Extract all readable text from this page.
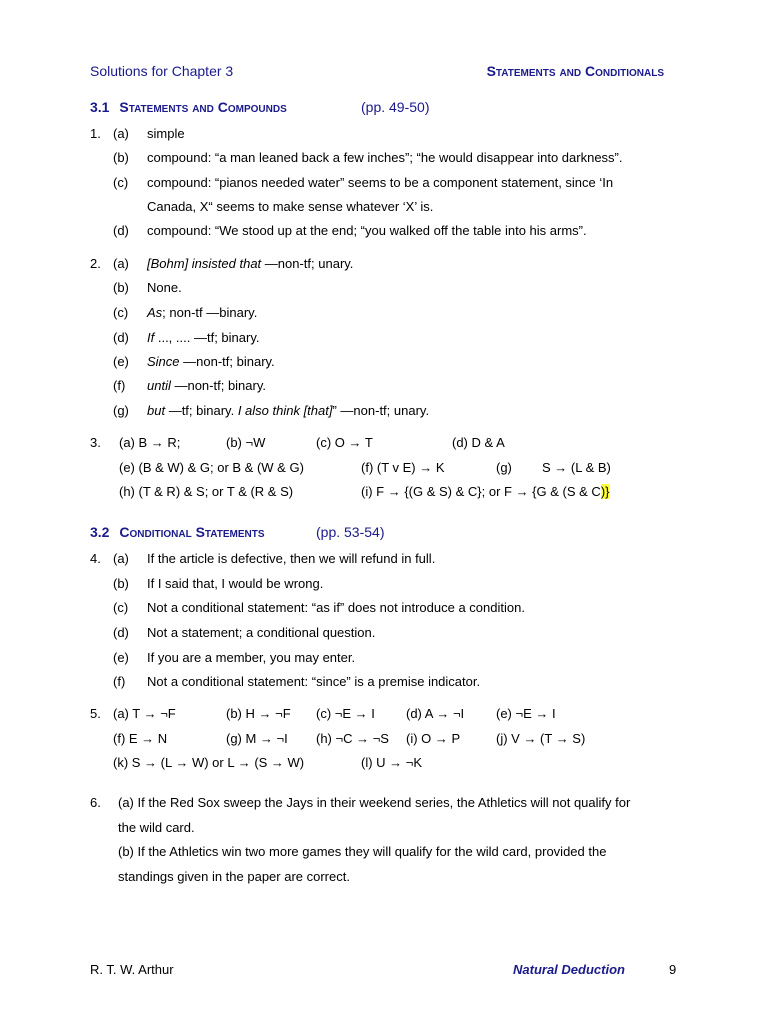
Solutions for Chapter 3	Statements and Conditionals
3.1 Statements and Compounds	(pp. 49-50)
1. (a) simple
(b) compound: “a man leaned back a few inches”; “he would disappear into darkness”.
(c) compound: “pianos needed water” seems to be a component statement, since ‘In
Canada, X“ seems to make sense whatever ‘X’ is.
(d) compound: “We stood up at the end; “you walked off the table into his arms”.
2. (a) [Bohm] insisted that —non-tf; unary.
(b) None.
(c) As; non-tf —binary.
(d) If ..., .... —tf; binary.
(e) Since —non-tf; binary.
(f) until —non-tf; binary.
(g) but —tf; binary. I also think [that]” —non-tf; unary.
3. (a) B → R;	(b) ¬W	(c) O → T	(d) D & A
(e) (B & W) & G; or B & (W & G)	(f) (T v E) → K	(g) S → (L & B)
(h) (T & R) & S; or T & (R & S)	(i) F → {(G & S) & C}; or F → {G & (S & C)}
3.2 Conditional Statements	(pp. 53-54)
4. (a) If the article is defective, then we will refund in full.
(b) If I said that, I would be wrong.
(c) Not a conditional statement: “as if” does not introduce a condition.
(d) Not a statement; a conditional question.
(e) If you are a member, you may enter.
(f) Not a conditional statement: “since” is a premise indicator.
5. (a) T → ¬F	(b) H → ¬F (c) ¬E → I (d) A → ¬I (e) ¬E → I
(f) E → N	(g) M → ¬I (h) ¬C → ¬S (i) O → P	(j) V → (T → S)
(k) S → (L → W) or L → (S → W)	(l) U → ¬K
6. (a) If the Red Sox sweep the Jays in their weekend series, the Athletics will not qualify for
the wild card.
(b) If the Athletics win two more games they will qualify for the wild card, provided the
standings given in the paper are correct.
R. T. W. Arthur	Natural Deduction	9
